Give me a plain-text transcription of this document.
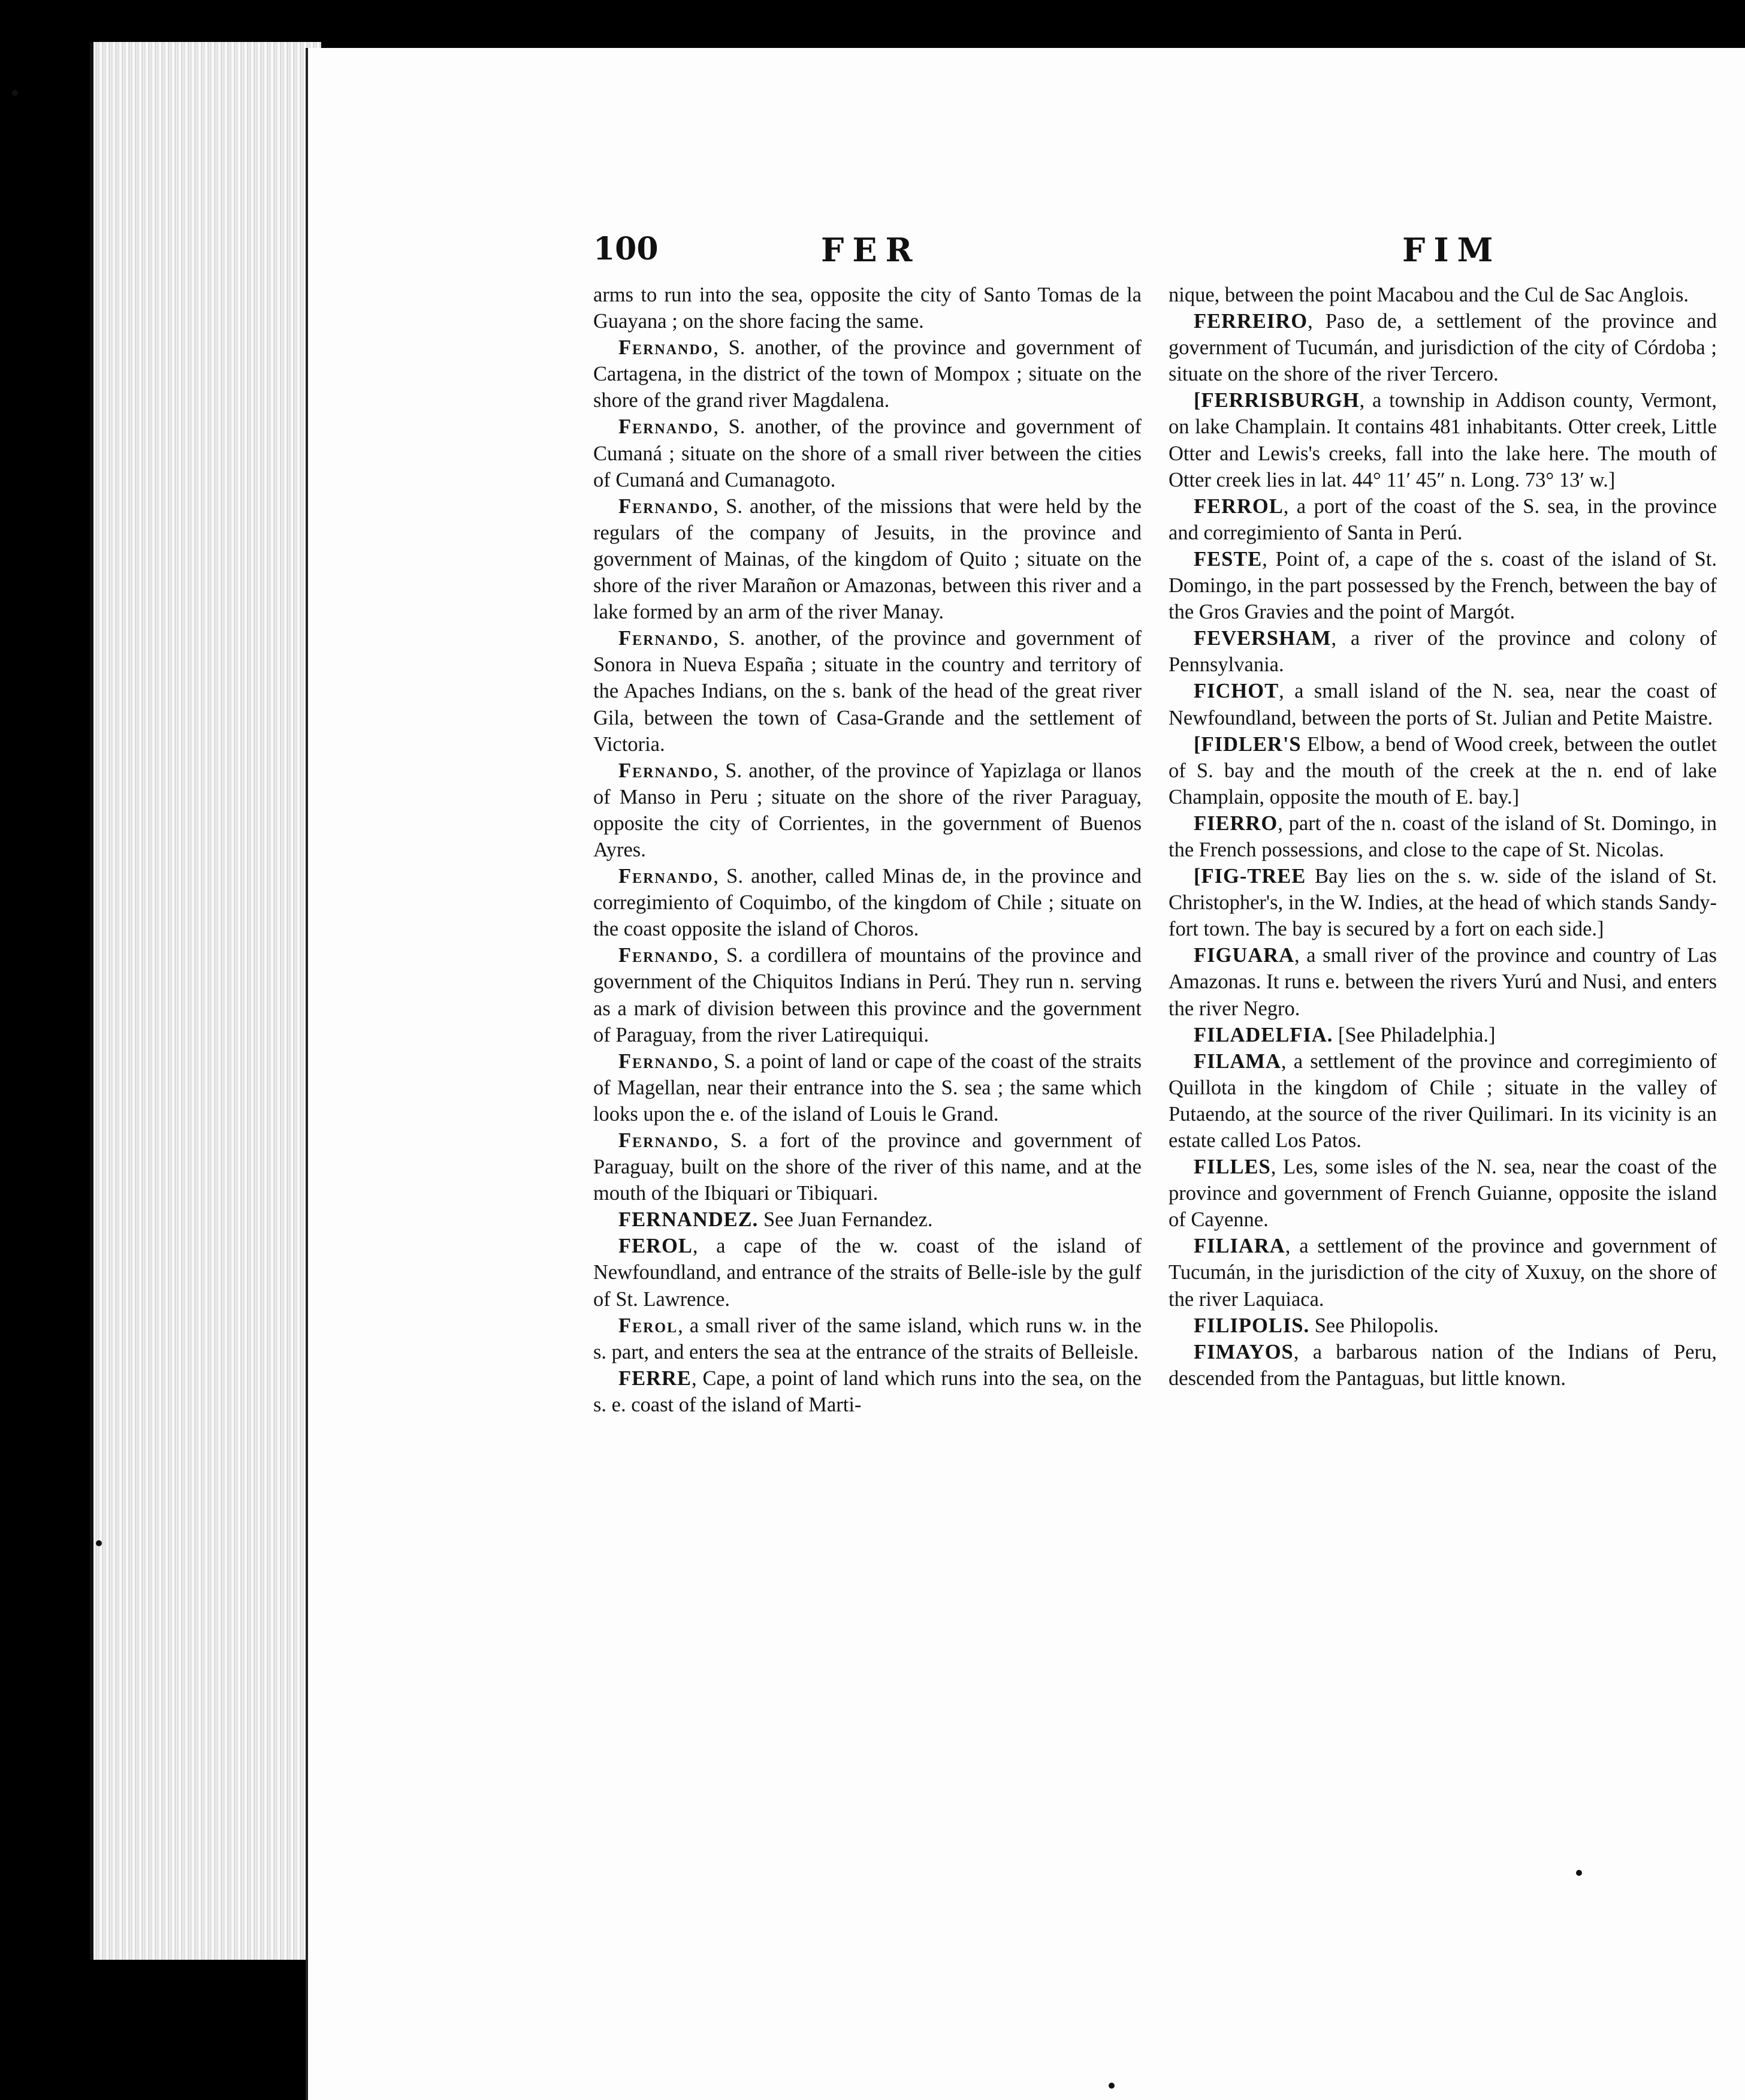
100	FER	FIM

arms to run into the sea, opposite the city of Santo Tomas de la Guayana ; on the shore facing the same.

Fernando, S. another, of the province and government of Cartagena, in the district of the town of Mompox ; situate on the shore of the grand river Magdalena.

Fernando, S. another, of the province and government of Cumaná ; situate on the shore of a small river between the cities of Cumaná and Cumanagoto.

Fernando, S. another, of the missions that were held by the regulars of the company of Jesuits, in the province and government of Mainas, of the kingdom of Quito ; situate on the shore of the river Marañon or Amazonas, between this river and a lake formed by an arm of the river Manay.

Fernando, S. another, of the province and government of Sonora in Nueva España ; situate in the country and territory of the Apaches Indians, on the s. bank of the head of the great river Gila, between the town of Casa-Grande and the settlement of Victoria.

Fernando, S. another, of the province of Yapizlaga or llanos of Manso in Peru ; situate on the shore of the river Paraguay, opposite the city of Corrientes, in the government of Buenos Ayres.

Fernando, S. another, called Minas de, in the province and corregimiento of Coquimbo, of the kingdom of Chile ; situate on the coast opposite the island of Choros.

Fernando, S. a cordillera of mountains of the province and government of the Chiquitos Indians in Perú. They run n. serving as a mark of division between this province and the government of Paraguay, from the river Latirequiqui.

Fernando, S. a point of land or cape of the coast of the straits of Magellan, near their entrance into the S. sea ; the same which looks upon the e. of the island of Louis le Grand.

Fernando, S. a fort of the province and government of Paraguay, built on the shore of the river of this name, and at the mouth of the Ibiquari or Tibiquari.

FERNANDEZ. See Juan Fernandez.

FEROL, a cape of the w. coast of the island of Newfoundland, and entrance of the straits of Belle-isle by the gulf of St. Lawrence.

Ferol, a small river of the same island, which runs w. in the s. part, and enters the sea at the entrance of the straits of Belleisle.

FERRE, Cape, a point of land which runs into the sea, on the s. e. coast of the island of Marti-

nique, between the point Macabou and the Cul de Sac Anglois.

FERREIRO, Paso de, a settlement of the province and government of Tucumán, and jurisdiction of the city of Córdoba ; situate on the shore of the river Tercero.

[FERRISBURGH, a township in Addison county, Vermont, on lake Champlain. It contains 481 inhabitants. Otter creek, Little Otter and Lewis's creeks, fall into the lake here. The mouth of Otter creek lies in lat. 44° 11′ 45″ n. Long. 73° 13′ w.]

FERROL, a port of the coast of the S. sea, in the province and corregimiento of Santa in Perú.

FESTE, Point of, a cape of the s. coast of the island of St. Domingo, in the part possessed by the French, between the bay of the Gros Gravies and the point of Margót.

FEVERSHAM, a river of the province and colony of Pennsylvania.

FICHOT, a small island of the N. sea, near the coast of Newfoundland, between the ports of St. Julian and Petite Maistre.

[FIDLER'S Elbow, a bend of Wood creek, between the outlet of S. bay and the mouth of the creek at the n. end of lake Champlain, opposite the mouth of E. bay.]

FIERRO, part of the n. coast of the island of St. Domingo, in the French possessions, and close to the cape of St. Nicolas.

[FIG-TREE Bay lies on the s. w. side of the island of St. Christopher's, in the W. Indies, at the head of which stands Sandy-fort town. The bay is secured by a fort on each side.]

FIGUARA, a small river of the province and country of Las Amazonas. It runs e. between the rivers Yurú and Nusi, and enters the river Negro.

FILADELFIA. [See Philadelphia.]

FILAMA, a settlement of the province and corregimiento of Quillota in the kingdom of Chile ; situate in the valley of Putaendo, at the source of the river Quilimari. In its vicinity is an estate called Los Patos.

FILLES, Les, some isles of the N. sea, near the coast of the province and government of French Guianne, opposite the island of Cayenne.

FILIARA, a settlement of the province and government of Tucumán, in the jurisdiction of the city of Xuxuy, on the shore of the river Laquiaca.

FILIPOLIS. See Philopolis.

FIMAYOS, a barbarous nation of the Indians of Peru, descended from the Pantaguas, but little known.
